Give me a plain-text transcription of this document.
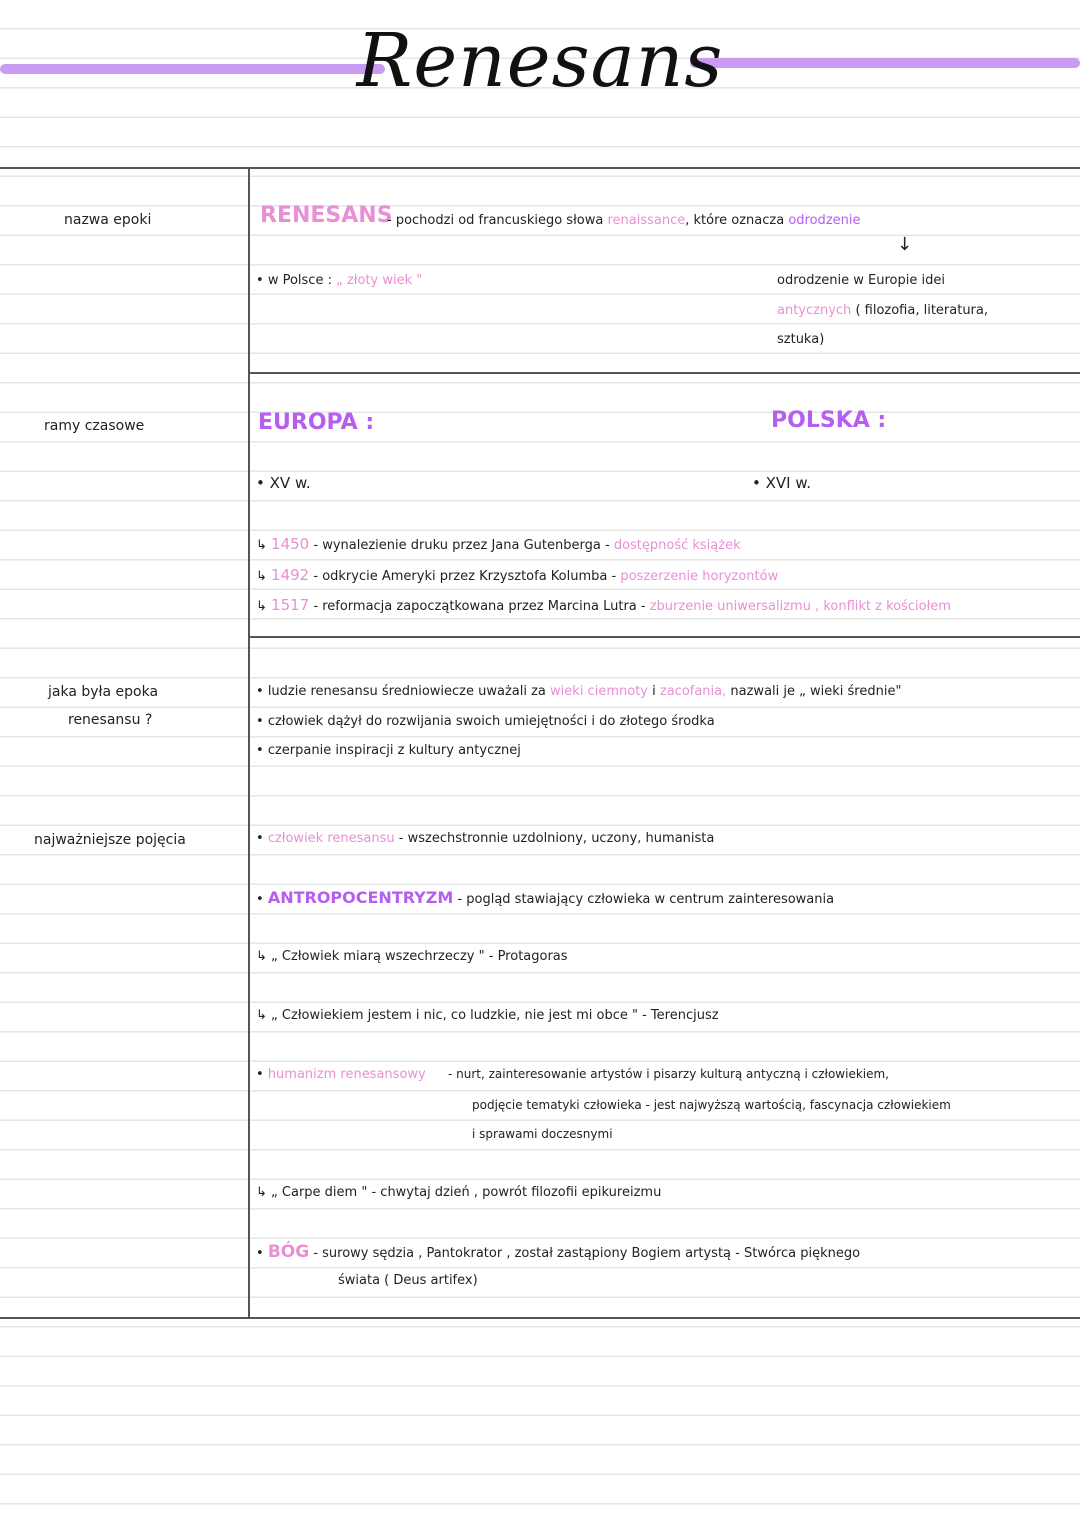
Renesans
nazwa epoki	RENESANS
- pochodzi od francuskiego słowa renaissance, które oznacza odrodzenie
↓
• w Polsce : „ złoty wiek "	odrodzenie w Europie idei
antycznych ( filozofia, literatura,
sztuka)
ramy czasowe	EUROPA :	POLSKA :
• XV w.	• XVI w.
↳ 1450 - wynalezienie druku przez Jana Gutenberga - dostępność książek
↳ 1492 - odkrycie Ameryki przez Krzysztofa Kolumba - poszerzenie horyzontów
↳ 1517 - reformacja zapoczątkowana przez Marcina Lutra - zburzenie uniwersalizmu , konflikt z kościołem
jaka była epoka
renesansu ?
• ludzie renesansu średniowiecze uważali za wieki ciemnoty i zacofania, nazwali je „ wieki średnie"
• człowiek dążył do rozwijania swoich umiejętności i do złotego środka
• czerpanie inspiracji z kultury antycznej
najważniejsze pojęcia	• człowiek renesansu - wszechstronnie uzdolniony, uczony, humanista
• ANTROPOCENTRYZM - pogląd stawiający człowieka w centrum zainteresowania
↳ „ Człowiek miarą wszechrzeczy " - Protagoras
↳ „ Człowiekiem jestem i nic, co ludzkie, nie jest mi obce " - Terencjusz
• humanizm renesansowy - nurt, zainteresowanie artystów i pisarzy kulturą antyczną i człowiekiem,
podjęcie tematyki człowieka - jest najwyższą wartością, fascynacja człowiekiem
i sprawami doczesnymi
↳ „ Carpe diem " - chwytaj dzień , powrót filozofii epikureizmu
• BÓG - surowy sędzia , Pantokrator , został zastąpiony Bogiem artystą - Stwórca pięknego
świata ( Deus artifex)
